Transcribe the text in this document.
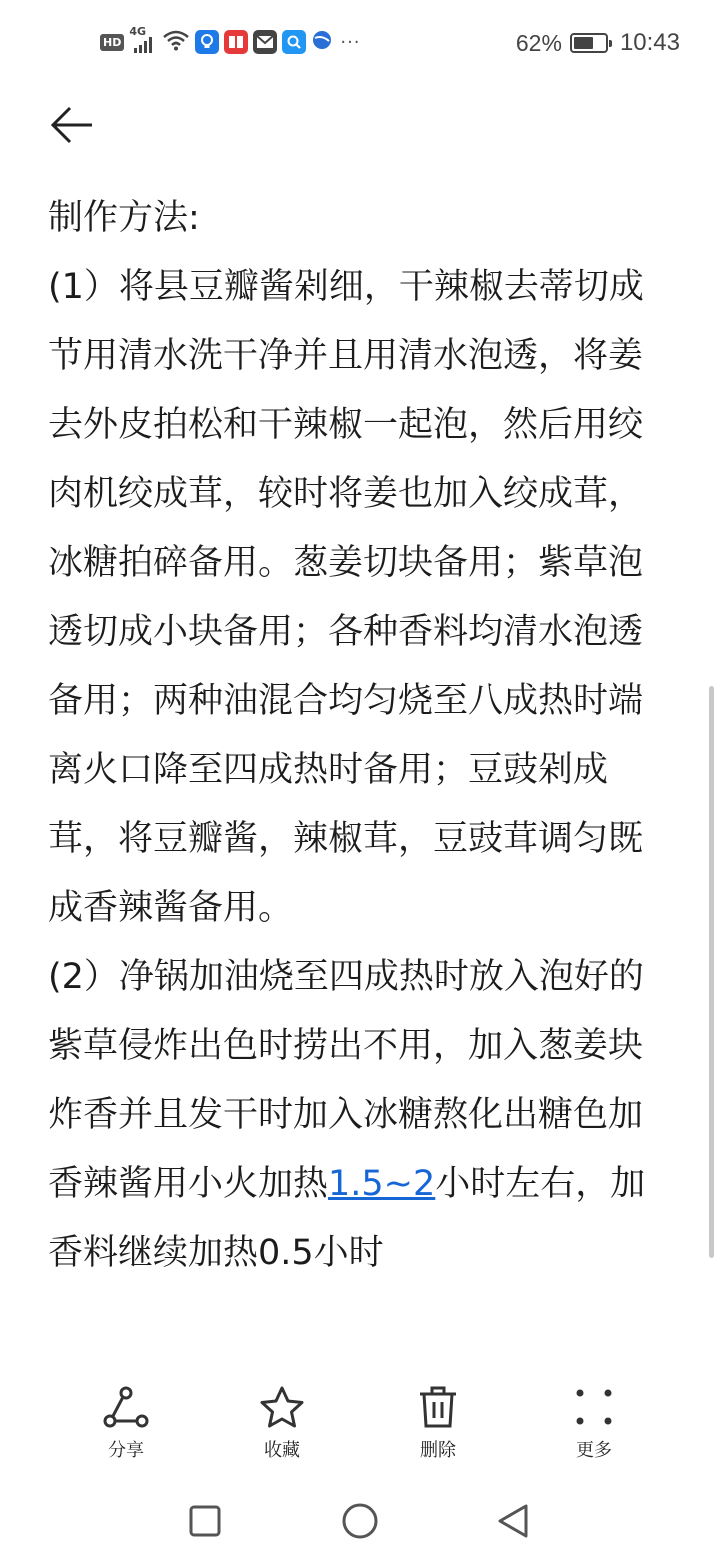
HD
4G	···	62% 10:43

制作方法:

(1）将县豆瓣酱剁细，干辣椒去蒂切成节用清水洗干净并且用清水泡透，将姜去外皮拍松和干辣椒一起泡，然后用绞肉机绞成茸，较时将姜也加入绞成茸，冰糖拍碎备用。葱姜切块备用；紫草泡透切成小块备用；各种香料均清水泡透备用；两种油混合均匀烧至八成热时端离火口降至四成热时备用；豆豉剁成茸，将豆瓣酱，辣椒茸，豆豉茸调匀既成香辣酱备用。

(2）净锅加油烧至四成热时放入泡好的紫草侵炸出色时捞出不用，加入葱姜块炸香并且发干时加入冰糖熬化出糖色加香辣酱用小火加热1.5~2小时左右，加香料继续加热0.5小时

分享	收藏	删除	更多
